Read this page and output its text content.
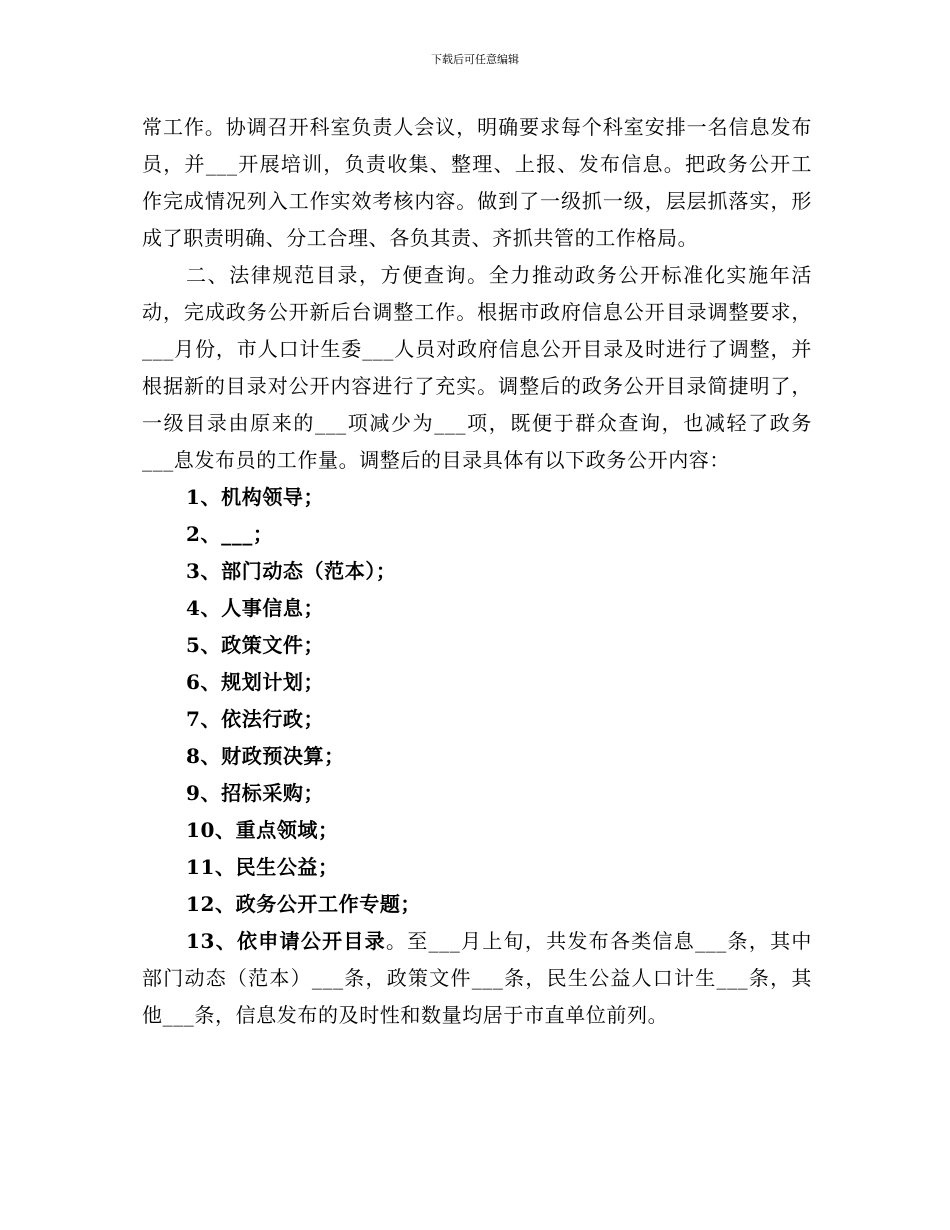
下载后可任意编辑

常工作。协调召开科室负责人会议，明确要求每个科室安排一名信息发布员，并___开展培训，负责收集、整理、上报、发布信息。把政务公开工作完成情况列入工作实效考核内容。做到了一级抓一级，层层抓落实，形成了职责明确、分工合理、各负其责、齐抓共管的工作格局。

二、法律规范目录，方便查询。全力推动政务公开标准化实施年活动，完成政务公开新后台调整工作。根据市政府信息公开目录调整要求，___月份，市人口计生委___人员对政府信息公开目录及时进行了调整，并根据新的目录对公开内容进行了充实。调整后的政务公开目录简捷明了，一级目录由原来的___项减少为___项，既便于群众查询，也减轻了政务___息发布员的工作量。调整后的目录具体有以下政务公开内容：

1、机构领导；

2、___；

3、部门动态（范本）；

4、人事信息；

5、政策文件；

6、规划计划；

7、依法行政；

8、财政预决算；

9、招标采购；

10、重点领域；

11、民生公益；

12、政务公开工作专题；

13、依申请公开目录。至___月上旬，共发布各类信息___条，其中部门动态（范本）___条，政策文件___条，民生公益人口计生___条，其他___条，信息发布的及时性和数量均居于市直单位前列。
